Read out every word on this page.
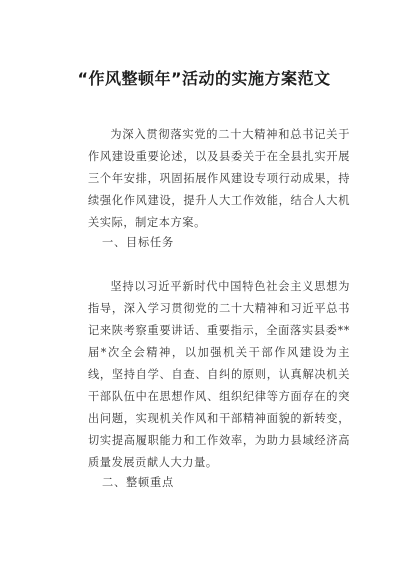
“作风整顿年”活动的实施方案范文
为深入贯彻落实党的二十大精神和总书记关于作风建设重要论述，以及县委关于在全县扎实开展三个年安排，巩固拓展作风建设专项行动成果，持续强化作风建设，提升人大工作效能，结合人大机关实际，制定本方案。
一、目标任务
坚持以习近平新时代中国特色社会主义思想为指导，深入学习贯彻党的二十大精神和习近平总书记来陕考察重要讲话、重要指示，全面落实县委**届*次全会精神，以加强机关干部作风建设为主线，坚持自学、自查、自纠的原则，认真解决机关干部队伍中在思想作风、组织纪律等方面存在的突出问题，实现机关作风和干部精神面貌的新转变，切实提高履职能力和工作效率，为助力县域经济高质量发展贡献人大力量。
二、整顿重点
